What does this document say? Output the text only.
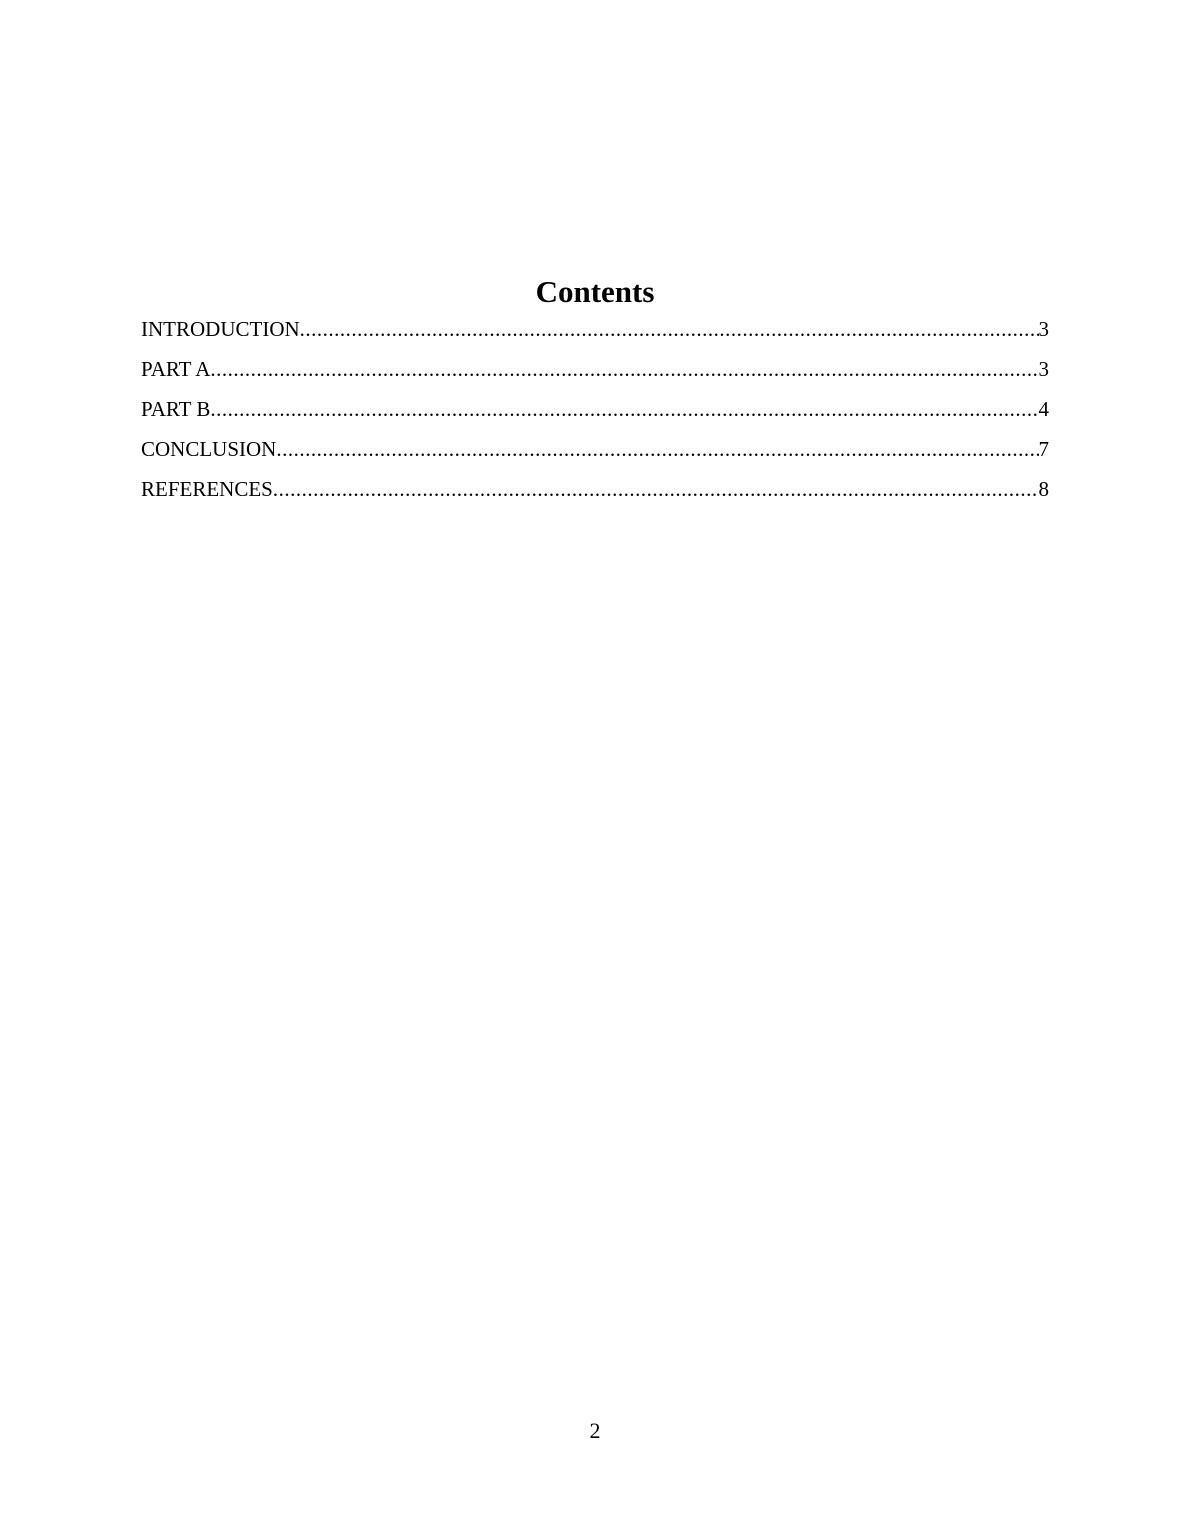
Contents
INTRODUCTION .....	3
PART A .....	3
PART B .....	4
CONCLUSION .....	7
REFERENCES .....	8
2
